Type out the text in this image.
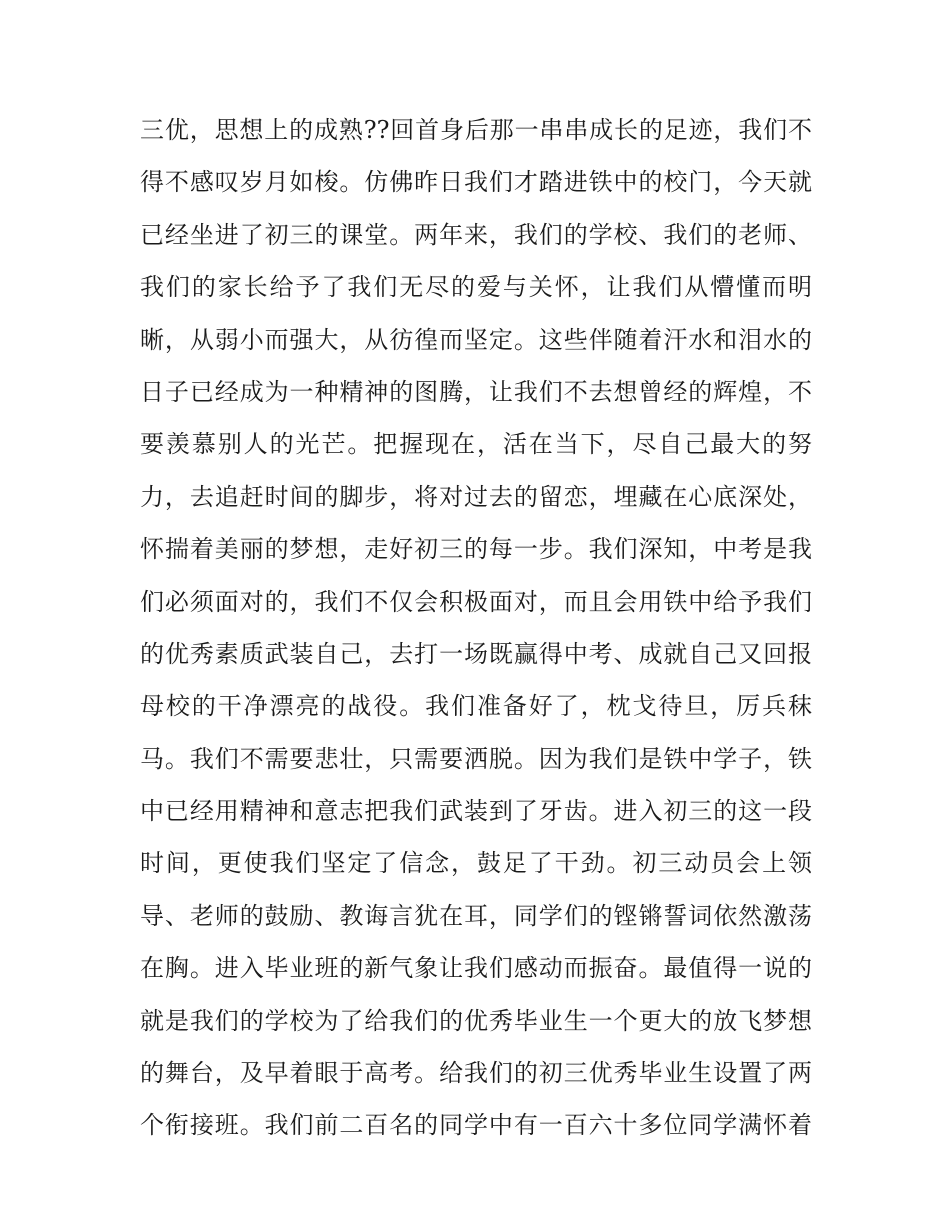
三优，思想上的成熟??回首身后那一串串成长的足迹，我们不
得不感叹岁月如梭。仿佛昨日我们才踏进铁中的校门，今天就
已经坐进了初三的课堂。两年来，我们的学校、我们的老师、
我们的家长给予了我们无尽的爱与关怀，让我们从懵懂而明
晰，从弱小而强大，从彷徨而坚定。这些伴随着汗水和泪水的
日子已经成为一种精神的图腾，让我们不去想曾经的辉煌，不
要羡慕别人的光芒。把握现在，活在当下，尽自己最大的努
力，去追赶时间的脚步，将对过去的留恋，埋藏在心底深处，
怀揣着美丽的梦想，走好初三的每一步。我们深知，中考是我
们必须面对的，我们不仅会积极面对，而且会用铁中给予我们
的优秀素质武装自己，去打一场既赢得中考、成就自己又回报
母校的干净漂亮的战役。我们准备好了，枕戈待旦，厉兵秣
马。我们不需要悲壮，只需要洒脱。因为我们是铁中学子，铁
中已经用精神和意志把我们武装到了牙齿。进入初三的这一段
时间，更使我们坚定了信念，鼓足了干劲。初三动员会上领
导、老师的鼓励、教诲言犹在耳，同学们的铿锵誓词依然激荡
在胸。进入毕业班的新气象让我们感动而振奋。最值得一说的
就是我们的学校为了给我们的优秀毕业生一个更大的放飞梦想
的舞台，及早着眼于高考。给我们的初三优秀毕业生设置了两
个衔接班。我们前二百名的同学中有一百六十多位同学满怀着
